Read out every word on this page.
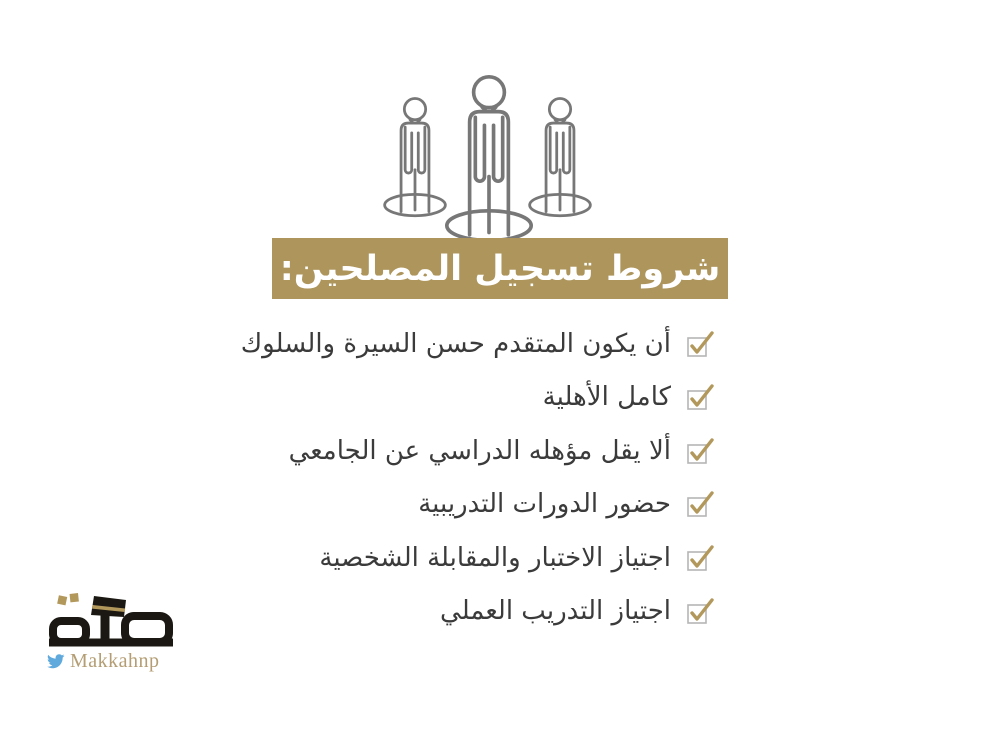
شروط تسجيل المصلحين:
أن يكون المتقدم حسن السيرة والسلوك
كامل الأهلية
ألا يقل مؤهله الدراسي عن الجامعي
حضور الدورات التدريبية
اجتياز الاختبار والمقابلة الشخصية
اجتياز التدريب العملي
Makkahnp
